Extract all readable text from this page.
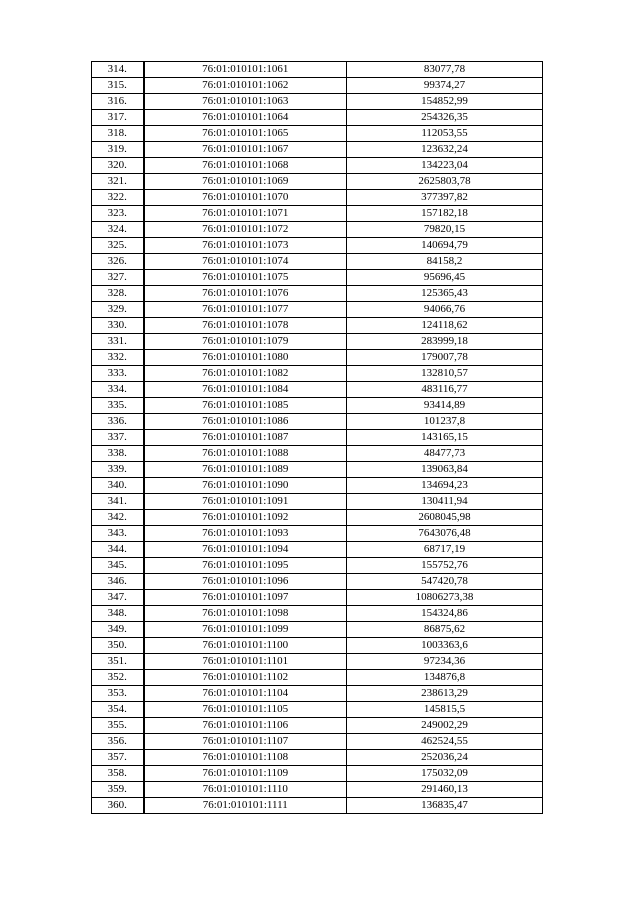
314.	76:01:010101:1061	83077,78
315.	76:01:010101:1062	99374,27
316.	76:01:010101:1063	154852,99
317.	76:01:010101:1064	254326,35
318.	76:01:010101:1065	112053,55
319.	76:01:010101:1067	123632,24
320.	76:01:010101:1068	134223,04
321.	76:01:010101:1069	2625803,78
322.	76:01:010101:1070	377397,82
323.	76:01:010101:1071	157182,18
324.	76:01:010101:1072	79820,15
325.	76:01:010101:1073	140694,79
326.	76:01:010101:1074	84158,2
327.	76:01:010101:1075	95696,45
328.	76:01:010101:1076	125365,43
329.	76:01:010101:1077	94066,76
330.	76:01:010101:1078	124118,62
331.	76:01:010101:1079	283999,18
332.	76:01:010101:1080	179007,78
333.	76:01:010101:1082	132810,57
334.	76:01:010101:1084	483116,77
335.	76:01:010101:1085	93414,89
336.	76:01:010101:1086	101237,8
337.	76:01:010101:1087	143165,15
338.	76:01:010101:1088	48477,73
339.	76:01:010101:1089	139063,84
340.	76:01:010101:1090	134694,23
341.	76:01:010101:1091	130411,94
342.	76:01:010101:1092	2608045,98
343.	76:01:010101:1093	7643076,48
344.	76:01:010101:1094	68717,19
345.	76:01:010101:1095	155752,76
346.	76:01:010101:1096	547420,78
347.	76:01:010101:1097	10806273,38
348.	76:01:010101:1098	154324,86
349.	76:01:010101:1099	86875,62
350.	76:01:010101:1100	1003363,6
351.	76:01:010101:1101	97234,36
352.	76:01:010101:1102	134876,8
353.	76:01:010101:1104	238613,29
354.	76:01:010101:1105	145815,5
355.	76:01:010101:1106	249002,29
356.	76:01:010101:1107	462524,55
357.	76:01:010101:1108	252036,24
358.	76:01:010101:1109	175032,09
359.	76:01:010101:1110	291460,13
360.	76:01:010101:1111	136835,47
